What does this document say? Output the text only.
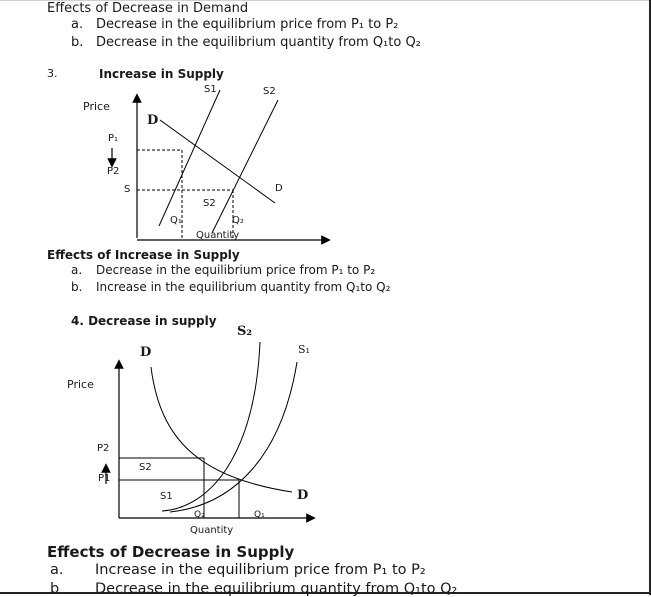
Effects of Decrease in Demand
a. Decrease in the equilibrium price from P₁ to P₂
b. Decrease in the equilibrium quantity from Q₁to Q₂
3.	Increase in Supply
Price
D
S1	S2
P₁
P2
S	D
S2
Q₁	Q₂
Quantity
Effects of Increase in Supply
a. Decrease in the equilibrium price from P₁ to P₂
b. Increase in the equilibrium quantity from Q₁to Q₂
4. Decrease in supply
Price
D
S₂
S₁
P2
S2
P1
S1	D
Q₂	Q₁
Quantity
Effects of Decrease in Supply
a. Increase in the equilibrium price from P₁ to P₂
b Decrease in the equilibrium quantity from Q₁to Q₂
